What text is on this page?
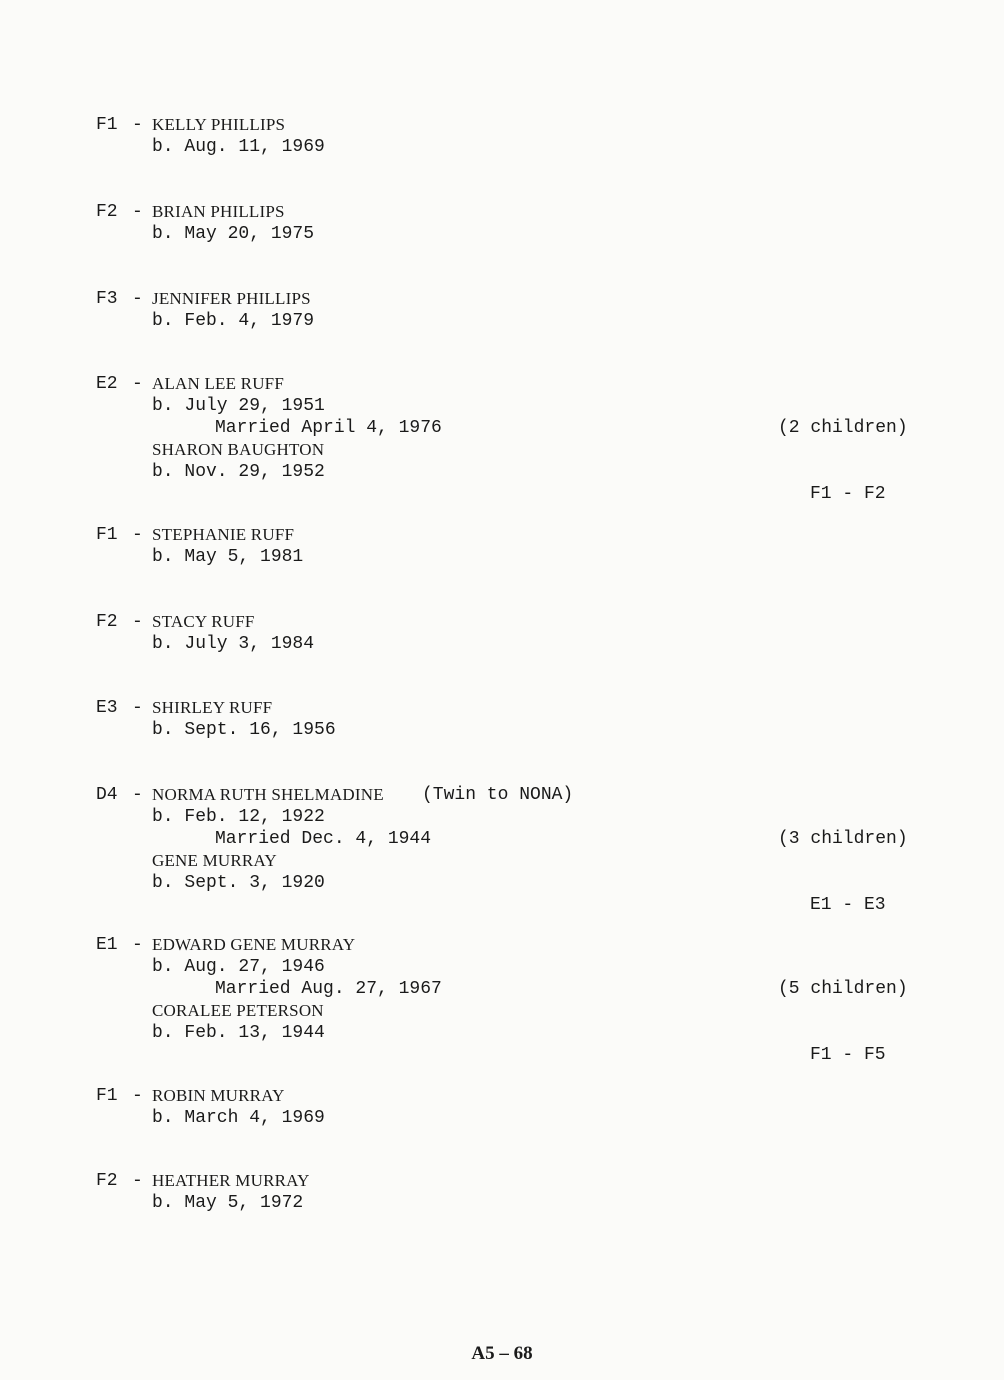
F1

-

KELLY PHILLIPS

b. Aug. 11, 1969

F2

-

BRIAN PHILLIPS

b. May 20, 1975

F3

-

JENNIFER PHILLIPS

b. Feb. 4, 1979

E2

-

ALAN LEE RUFF

b. July 29, 1951

Married April 4, 1976

SHARON BAUGHTON

b. Nov. 29, 1952

(2 children)

F1 - F2

F1

-

STEPHANIE RUFF

b. May 5, 1981

F2

-

STACY RUFF

b. July 3, 1984

E3

-

SHIRLEY RUFF

b. Sept. 16, 1956

D4

-

NORMA RUTH SHELMADINE

(Twin to NONA)

b. Feb. 12, 1922

Married Dec. 4, 1944

GENE MURRAY

b. Sept. 3, 1920

(3 children)

E1 - E3

E1

-

EDWARD GENE MURRAY

b. Aug. 27, 1946

Married Aug. 27, 1967

CORALEE PETERSON

b. Feb. 13, 1944

(5 children)

F1 - F5

F1

-

ROBIN MURRAY

b. March 4, 1969

F2

-

HEATHER MURRAY

b. May 5, 1972

A5 – 68
